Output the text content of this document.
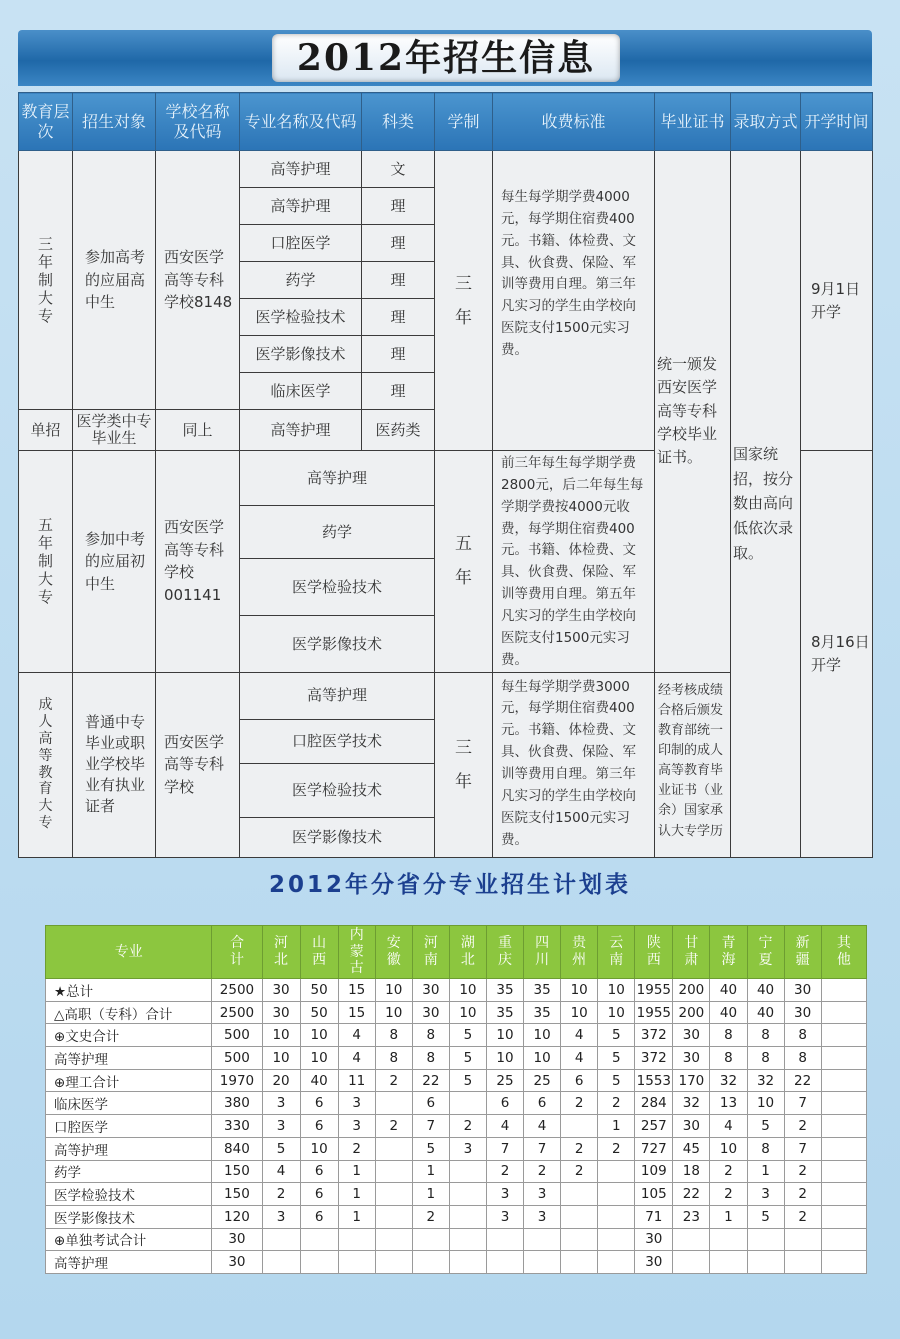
2012年招生信息
教育层次	招生对象	学校名称及代码	专业名称及代码	科类	学制	收费标准	毕业证书	录取方式	开学时间
三年制大专	参加高考的应届高中生	西安医学高等专科学校8148	高等护理	文	三年	每生每学期学费4000元，每学期住宿费400元。书籍、体检费、文具、伙食费、保险、军训等费用自理。第三年凡实习的学生由学校向医院支付1500元实习费。	统一颁发西安医学高等专科学校毕业证书。	国家统招，按分数由高向低依次录取。	9月1日开学
			高等护理	理					
			口腔医学	理					
			药学	理					
			医学检验技术	理					
			医学影像技术	理					
			临床医学	理					
单招	医学类中专毕业生	同上	高等护理	医药类					
五年制大专	参加中考的应届初中生	西安医学高等专科学校001141	高等护理		五年	前三年每生每学期学费2800元，后二年每生每学期学费按4000元收费，每学期住宿费400元。书籍、体检费、文具、伙食费、保险、军训等费用自理。第五年凡实习的学生由学校向医院支付1500元实习费。			8月16日开学
			药学						
			医学检验技术						
			医学影像技术						
成人高等教育大专	普通中专毕业或职业学校毕业有执业证者	西安医学高等专科学校	高等护理		三年	每生每学期学费3000元，每学期住宿费400元。书籍、体检费、文具、伙食费、保险、军训等费用自理。第三年凡实习的学生由学校向医院支付1500元实习费。	经考核成绩合格后颁发教育部统一印制的成人高等教育毕业证书（业余）国家承认大专学历		
			口腔医学技术						
			医学检验技术						
			医学影像技术						
2012年分省分专业招生计划表
专业	合计	河北	山西	内蒙古	安徽	河南	湖北	重庆	四川	贵州	云南	陕西	甘肃	青海	宁夏	新疆	其他
★总计	2500	30	50	15	10	30	10	35	35	10	10	1955	200	40	40	30	
△高职（专科）合计	2500	30	50	15	10	30	10	35	35	10	10	1955	200	40	40	30	
⊕文史合计	500	10	10	4	8	8	5	10	10	4	5	372	30	8	8	8	
高等护理	500	10	10	4	8	8	5	10	10	4	5	372	30	8	8	8	
⊕理工合计	1970	20	40	11	2	22	5	25	25	6	5	1553	170	32	32	22	
临床医学	380	3	6	3		6		6	6	2	2	284	32	13	10	7	
口腔医学	330	3	6	3	2	7	2	4	4		1	257	30	4	5	2	
高等护理	840	5	10	2		5	3	7	7	2	2	727	45	10	8	7	
药学	150	4	6	1		1		2	2	2		109	18	2	1	2	
医学检验技术	150	2	6	1		1		3	3			105	22	2	3	2	
医学影像技术	120	3	6	1		2		3	3			71	23	1	5	2	
⊕单独考试合计	30											30					
高等护理	30											30					
